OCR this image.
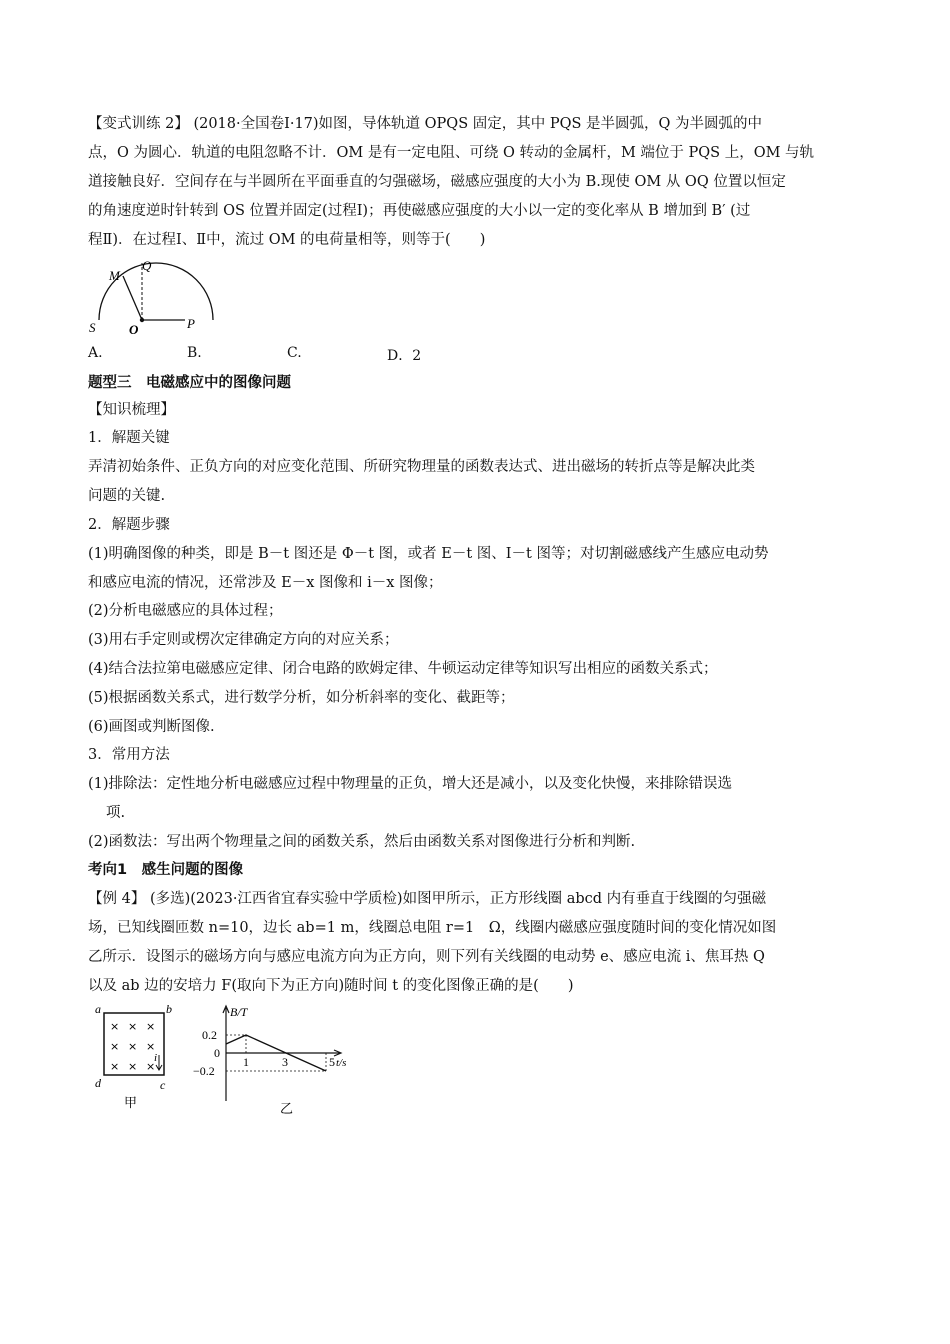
【变式训练 2】 (2018·全国卷Ⅰ·17)如图，导体轨道 OPQS 固定，其中 PQS 是半圆弧，Q 为半圆弧的中
点，O 为圆心．轨道的电阻忽略不计．OM 是有一定电阻、可绕 O 转动的金属杆，M 端位于 PQS 上，OM 与轨
道接触良好．空间存在与半圆所在平面垂直的匀强磁场，磁感应强度的大小为 B.现使 OM 从 OQ 位置以恒定
的角速度逆时针转到 OS 位置并固定(过程Ⅰ)；再使磁感应强度的大小以一定的变化率从 B 增加到 B′ (过
程Ⅱ)．在过程Ⅰ、Ⅱ中，流过 OM 的电荷量相等，则等于(　　)
M
Q
S	O	P
A.	B.	C.	D．2
题型三　电磁感应中的图像问题
【知识梳理】
1．解题关键
弄清初始条件、正负方向的对应变化范围、所研究物理量的函数表达式、进出磁场的转折点等是解决此类
问题的关键.
2．解题步骤
(1)明确图像的种类，即是 B－t 图还是 Φ－t 图，或者 E－t 图、I－t 图等；对切割磁感线产生感应电动势
和感应电流的情况，还常涉及 E－x 图像和 i－x 图像；
(2)分析电磁感应的具体过程；
(3)用右手定则或楞次定律确定方向的对应关系；
(4)结合法拉第电磁感应定律、闭合电路的欧姆定律、牛顿运动定律等知识写出相应的函数关系式；
(5)根据函数关系式，进行数学分析，如分析斜率的变化、截距等；
(6)画图或判断图像.
3．常用方法
(1)排除法：定性地分析电磁感应过程中物理量的正负，增大还是减小，以及变化快慢，来排除错误选
项.
(2)函数法：写出两个物理量之间的函数关系，然后由函数关系对图像进行分析和判断.
考向1　感生问题的图像
【例 4】 (多选)(2023·江西省宜春实验中学质检)如图甲所示，正方形线圈 abcd 内有垂直于线圈的匀强磁
场，已知线圈匝数 n=10，边长 ab=1 m，线圈总电阻 r=1　Ω，线圈内磁感应强度随时间的变化情况如图
乙所示．设图示的磁场方向与感应电流方向为正方向，则下列有关线圈的电动势 e、感应电流 i、焦耳热 Q
以及 ab 边的安培力 F(取向下为正方向)随时间 t 的变化图像正确的是(　　)
a	b
d	c
i
× × ×
× × ×
× × ×
甲
B/T
t/s
0.2
0
−0.2
1	3	5
乙
